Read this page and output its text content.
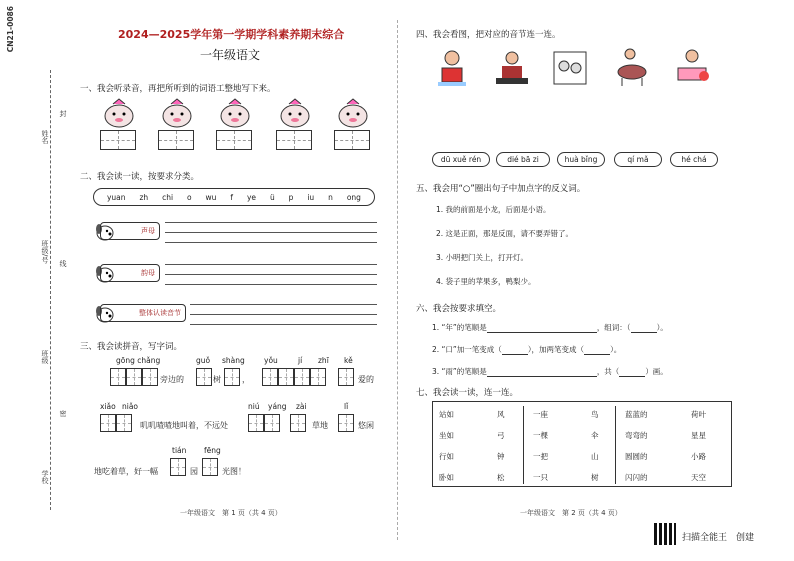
CN21-0086
姓名
班级/号
班级
学校
封
线
密
2024—2025学年第一学期学科素养期末综合
一年级语文
一、我会听录音，再把所听到的词语工整地写下来。
二、我会读一读，按要求分类。
yuan zh chi o wu f ye ü p iu n ong
声母
韵母
整体认读音节
三、我会读拼音，写字词。
gōng chǎng	guǒ shàng	yǒu	jí zhī kě
旁边的	树	，	爱的
xiǎo niǎo	niú yáng zài	lǐ
叽叽喳喳地叫着，不远处	草地	悠闲
tián fēng
地吃着草，好一幅	园	光图！
一年级语文　第 1 页（共 4 页）
四、我会看图，把对应的音节连一连。
dū xuě rén	dié bā zi	huà bǐng	qí mǎ	hé chá
五、我会用“○”圈出句子中加点字的反义词。
1. 我的前面是小龙，后面是小语。
2. 这是正面，那是反面，请不要弄错了。
3. 小明把门关上，打开灯。
4. 袋子里的苹果多，鸭梨少。
六、我会按要求填空。
1. “年”的笔顺是	，组词：（	）。
2. “口”加一笔变成（	），加两笔变成（	）。
3. “雨”的笔顺是	，共（	）画。
七、我会读一读，连一连。
站如	风	一座	鸟	蓝蓝的	荷叶
坐如	弓	一棵	伞	弯弯的	星星
行如	钟	一把	山	圆圆的	小路
卧如	松	一只	树	闪闪的	天空
一年级语文　第 2 页（共 4 页）
扫描全能王　创建
